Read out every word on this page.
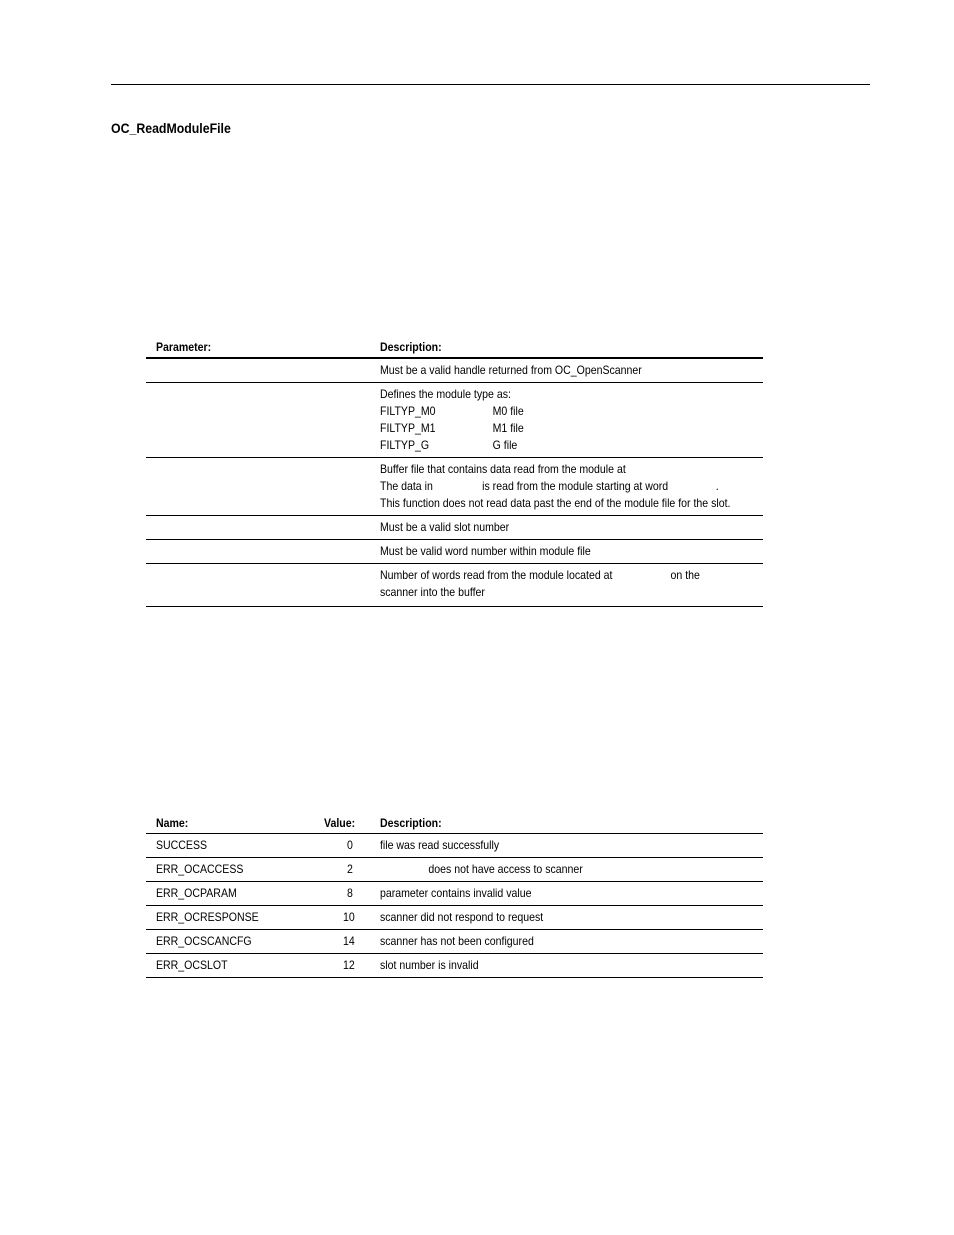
OC_ReadModuleFile
Parameter:	Description:

	Must be a valid handle returned from OC_OpenScanner

	Defines the module type as:
FILTYP_M0 M0 file
FILTYP_M1 M1 file
FILTYP_G G file

	Buffer file that contains data read from the module at
The data in is read from the module starting at word .
This function does not read data past the end of the module file for the slot.

	Must be a valid slot number

	Must be valid word number within module file

	Number of words read from the module located at on the
scanner into the buffer
Name:	Value:	Description:
SUCCESS	0	file was read successfully
ERR_OCACCESS	2	does not have access to scanner
ERR_OCPARAM	8	parameter contains invalid value
ERR_OCRESPONSE	10	scanner did not respond to request
ERR_OCSCANCFG	14	scanner has not been configured
ERR_OCSLOT	12	slot number is invalid
